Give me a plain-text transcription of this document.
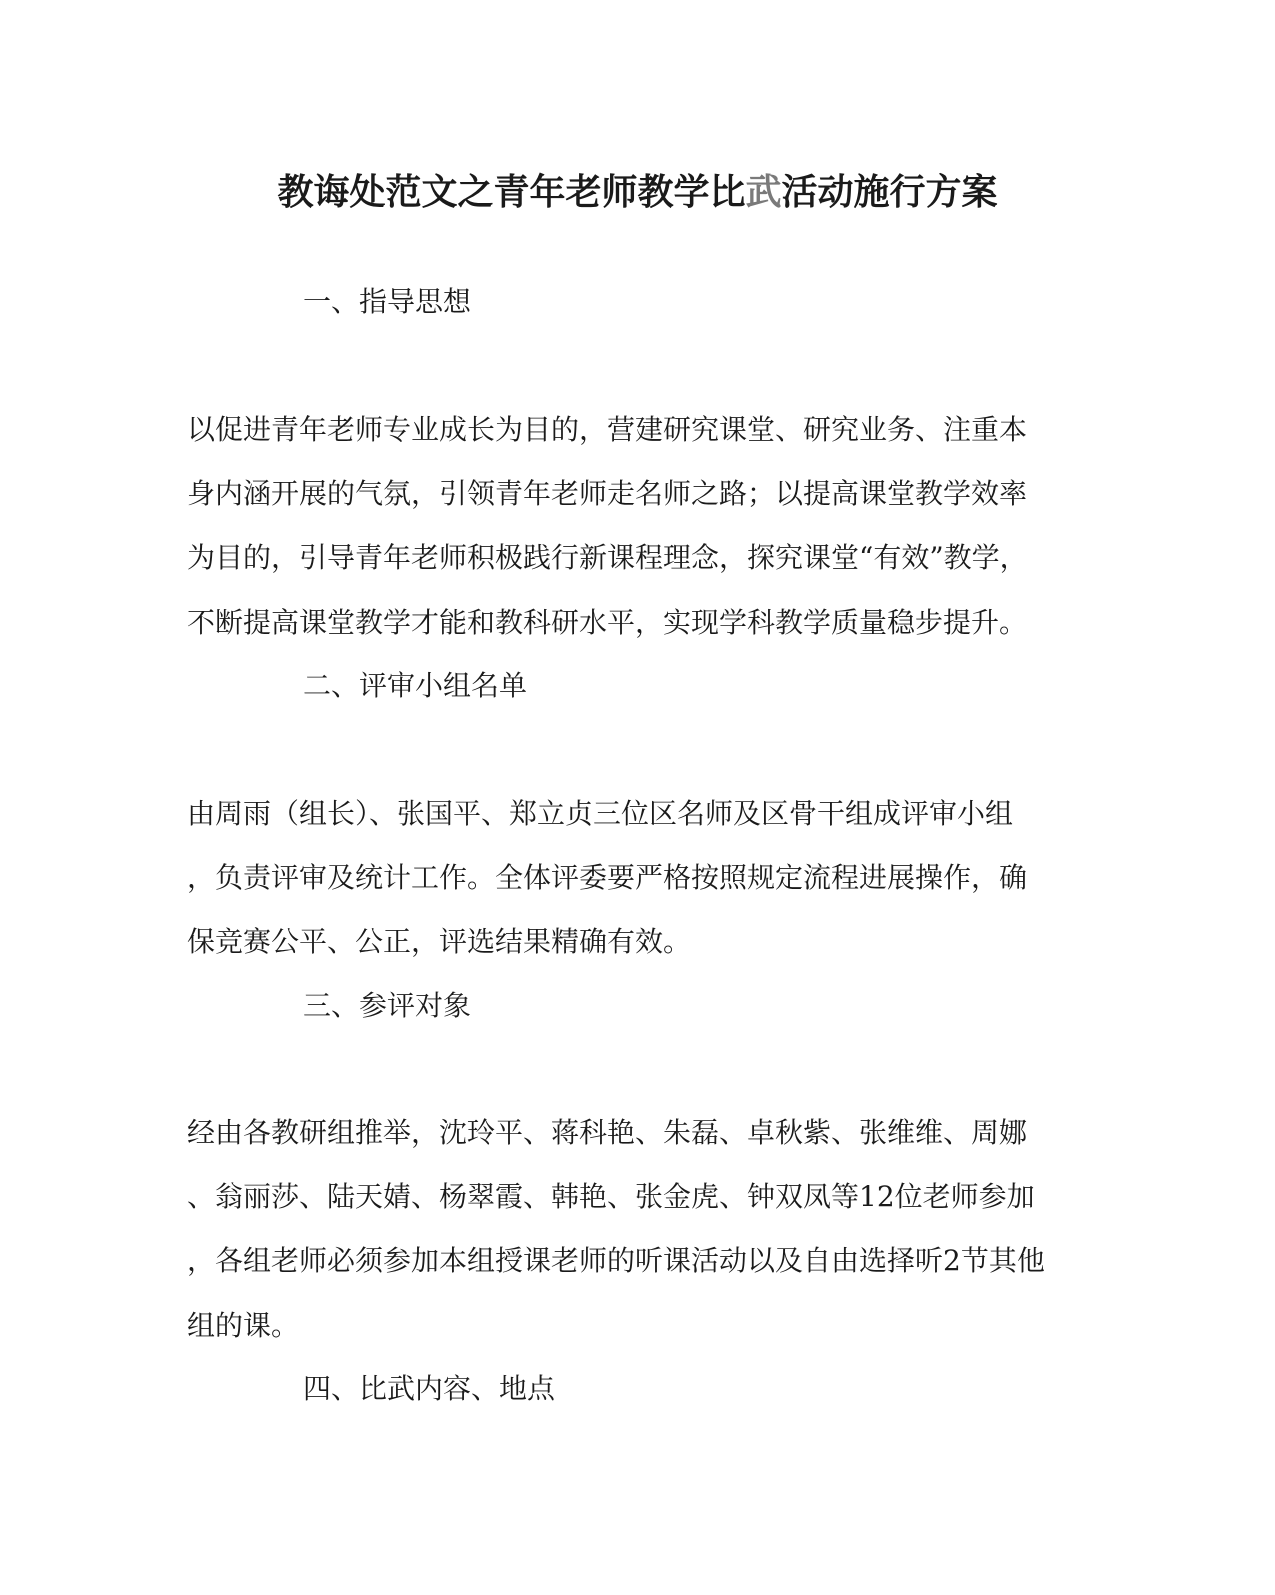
教诲处范文之青年老师教学比武活动施行方案
一、指导思想
以促进青年老师专业成长为目的，营建研究课堂、研究业务、注重本
身内涵开展的气氛，引领青年老师走名师之路；以提高课堂教学效率
为目的，引导青年老师积极践行新课程理念，探究课堂“有效”教学，
不断提高课堂教学才能和教科研水平，实现学科教学质量稳步提升。
二、评审小组名单
由周雨（组长）、张国平、郑立贞三位区名师及区骨干组成评审小组
，负责评审及统计工作。全体评委要严格按照规定流程进展操作，确
保竞赛公平、公正，评选结果精确有效。
三、参评对象
经由各教研组推举，沈玲平、蒋科艳、朱磊、卓秋紫、张维维、周娜
、翁丽莎、陆天婧、杨翠霞、韩艳、张金虎、钟双凤等12位老师参加
，各组老师必须参加本组授课老师的听课活动以及自由选择听2节其他
组的课。
四、比武内容、地点
